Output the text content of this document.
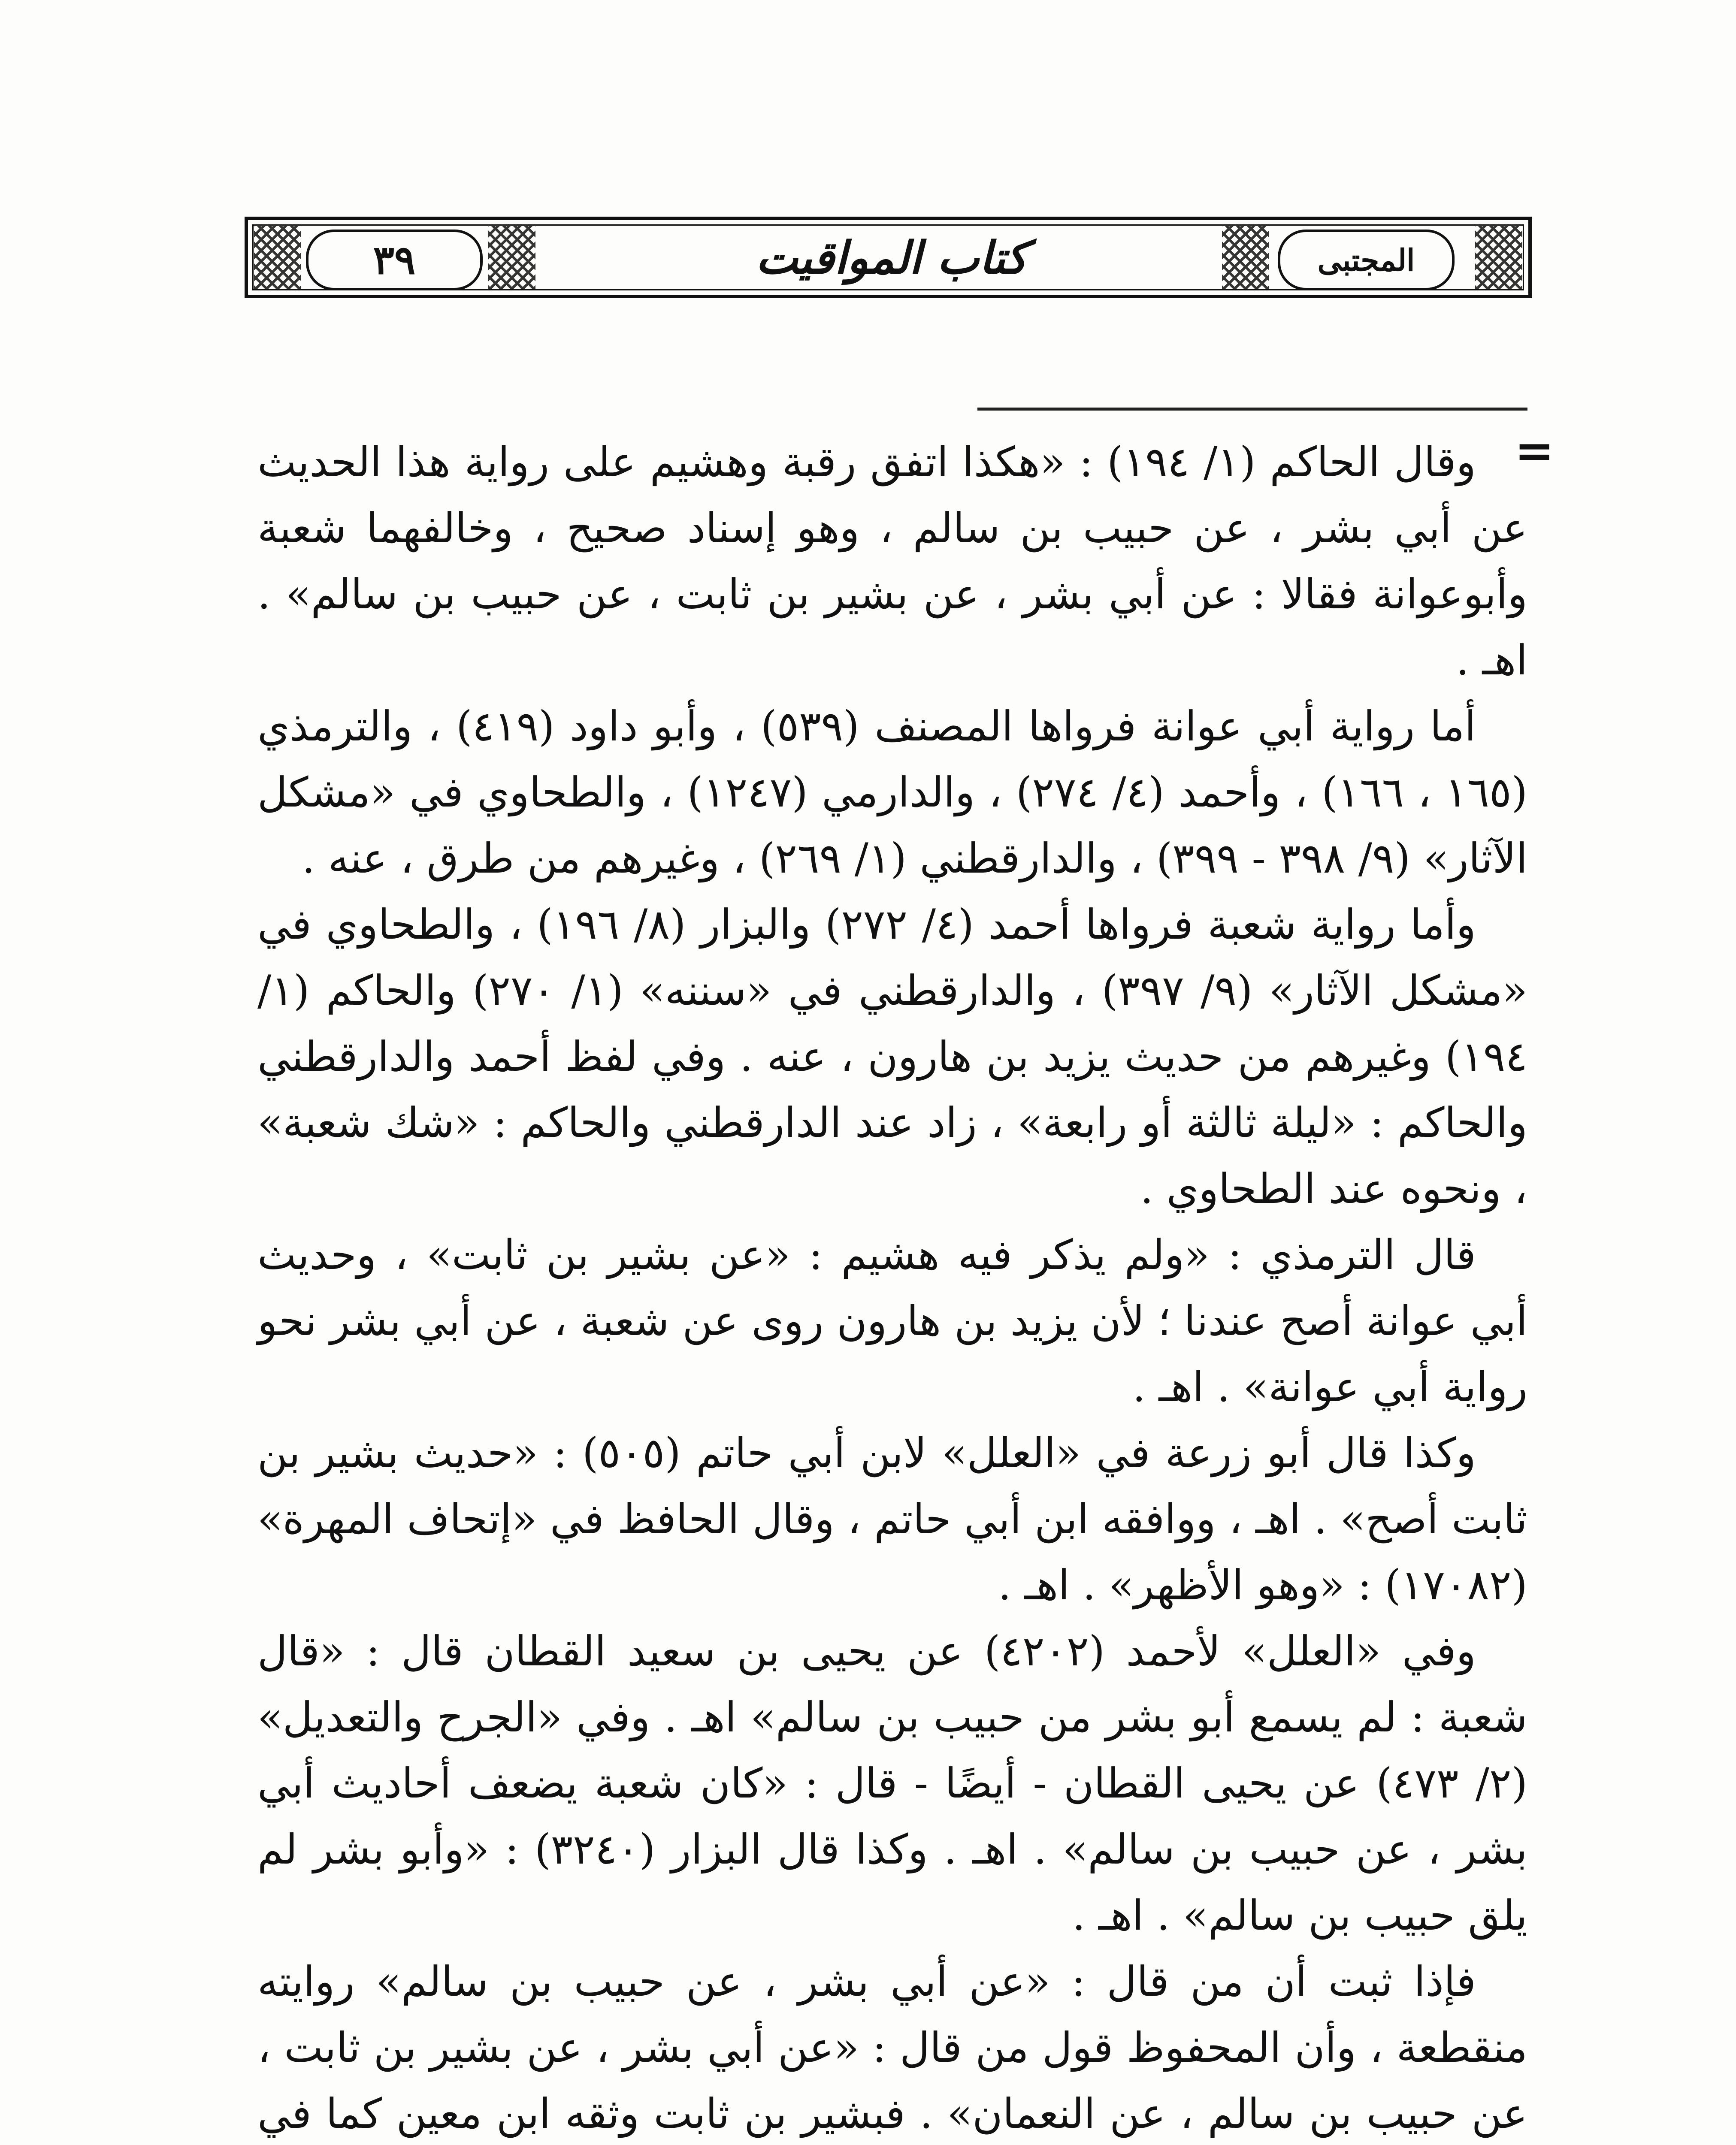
٣٩	كتاب المواقيت	المجتبى
=

وقال الحاكم (١/ ١٩٤) : «هكذا اتفق رقبة وهشيم على رواية هذا الحديث عن أبي بشر ، عن حبيب بن سالم ، وهو إسناد صحيح ، وخالفهما شعبة وأبوعوانة فقالا : عن أبي بشر ، عن بشير بن ثابت ، عن حبيب بن سالم» . اهـ .

أما رواية أبي عوانة فرواها المصنف (٥٣٩) ، وأبو داود (٤١٩) ، والترمذي (١٦٥ ، ١٦٦) ، وأحمد (٤/ ٢٧٤) ، والدارمي (١٢٤٧) ، والطحاوي في «مشكل الآثار» (٩/ ٣٩٨ - ٣٩٩) ، والدارقطني (١/ ٢٦٩) ، وغيرهم من طرق ، عنه .

وأما رواية شعبة فرواها أحمد (٤/ ٢٧٢) والبزار (٨/ ١٩٦) ، والطحاوي في «مشكل الآثار» (٩/ ٣٩٧) ، والدارقطني في «سننه» (١/ ٢٧٠) والحاكم (١/ ١٩٤) وغيرهم من حديث يزيد بن هارون ، عنه . وفي لفظ أحمد والدارقطني والحاكم : «ليلة ثالثة أو رابعة» ، زاد عند الدارقطني والحاكم : «شك شعبة» ، ونحوه عند الطحاوي .

قال الترمذي : «ولم يذكر فيه هشيم : «عن بشير بن ثابت» ، وحديث أبي عوانة أصح عندنا ؛ لأن يزيد بن هارون روى عن شعبة ، عن أبي بشر نحو رواية أبي عوانة» . اهـ .

وكذا قال أبو زرعة في «العلل» لابن أبي حاتم (٥٠٥) : «حديث بشير بن ثابت أصح» . اهـ ، ووافقه ابن أبي حاتم ، وقال الحافظ في «إتحاف المهرة» (١٧٠٨٢) : «وهو الأظهر» . اهـ .

وفي «العلل» لأحمد (٤٢٠٢) عن يحيى بن سعيد القطان قال : «قال شعبة : لم يسمع أبو بشر من حبيب بن سالم» اهـ . وفي «الجرح والتعديل» (٢/ ٤٧٣) عن يحيى القطان - أيضًا - قال : «كان شعبة يضعف أحاديث أبي بشر ، عن حبيب بن سالم» . اهـ . وكذا قال البزار (٣٢٤٠) : «وأبو بشر لم يلق حبيب بن سالم» . اهـ .

فإذا ثبت أن من قال : «عن أبي بشر ، عن حبيب بن سالم» روايته منقطعة ، وأن المحفوظ قول من قال : «عن أبي بشر ، عن بشير بن ثابت ، عن حبيب بن سالم ، عن النعمان» . فبشير بن ثابت وثقه ابن معين كما في
